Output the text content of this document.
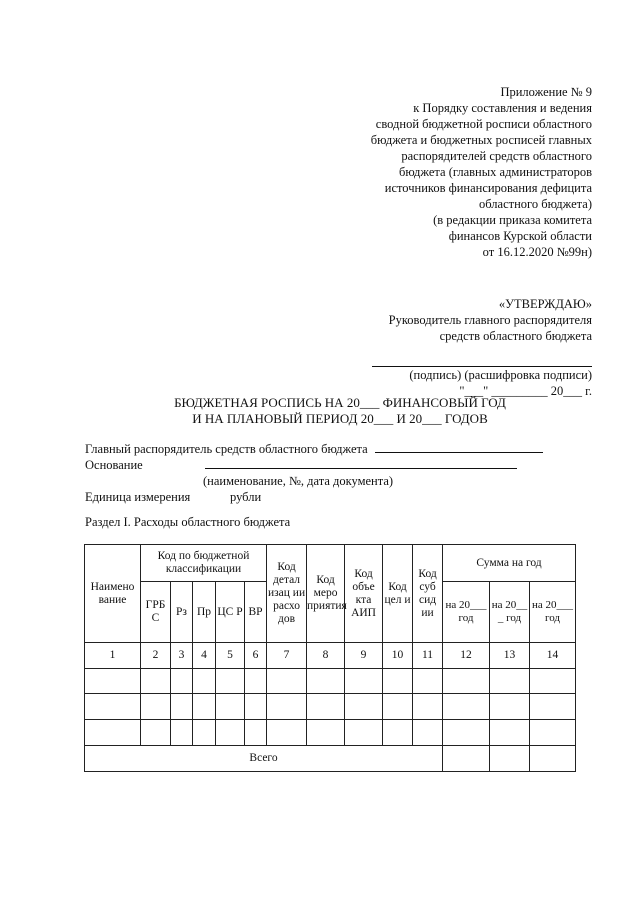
Приложение № 9
к Порядку составления и ведения
сводной бюджетной росписи областного
бюджета и бюджетных росписей главных
распорядителей средств областного
бюджета (главных администраторов
источников финансирования дефицита
областного бюджета)
(в редакции приказа комитета
финансов Курской области
от 16.12.2020 №99н)
«УТВЕРЖДАЮ»
Руководитель главного распорядителя
средств областного бюджета
(подпись) (расшифровка подписи)
"___" _________ 20___ г.
БЮДЖЕТНАЯ РОСПИСЬ НА 20___ ФИНАНСОВЫЙ ГОД
И НА ПЛАНОВЫЙ ПЕРИОД 20___ И 20___ ГОДОВ
Главный распорядитель средств областного бюджета
Основание
(наименование, №, дата документа)
Единица измерения	рубли
Раздел I. Расходы областного бюджета
Наимено вание	Код по бюджетной классификации					Код детал изац ии расхо дов	Код меро приятия	Код объе кта АИП	Код цел и	Код суб сид ии	Сумма на год		
	ГРБ С	Рз	Пр	ЦС Р	ВР						на 20___ год	на 20__ _ год	на 20___ год
1	2	3	4	5	6	7	8	9	10	11	12	13	14

Всего													
